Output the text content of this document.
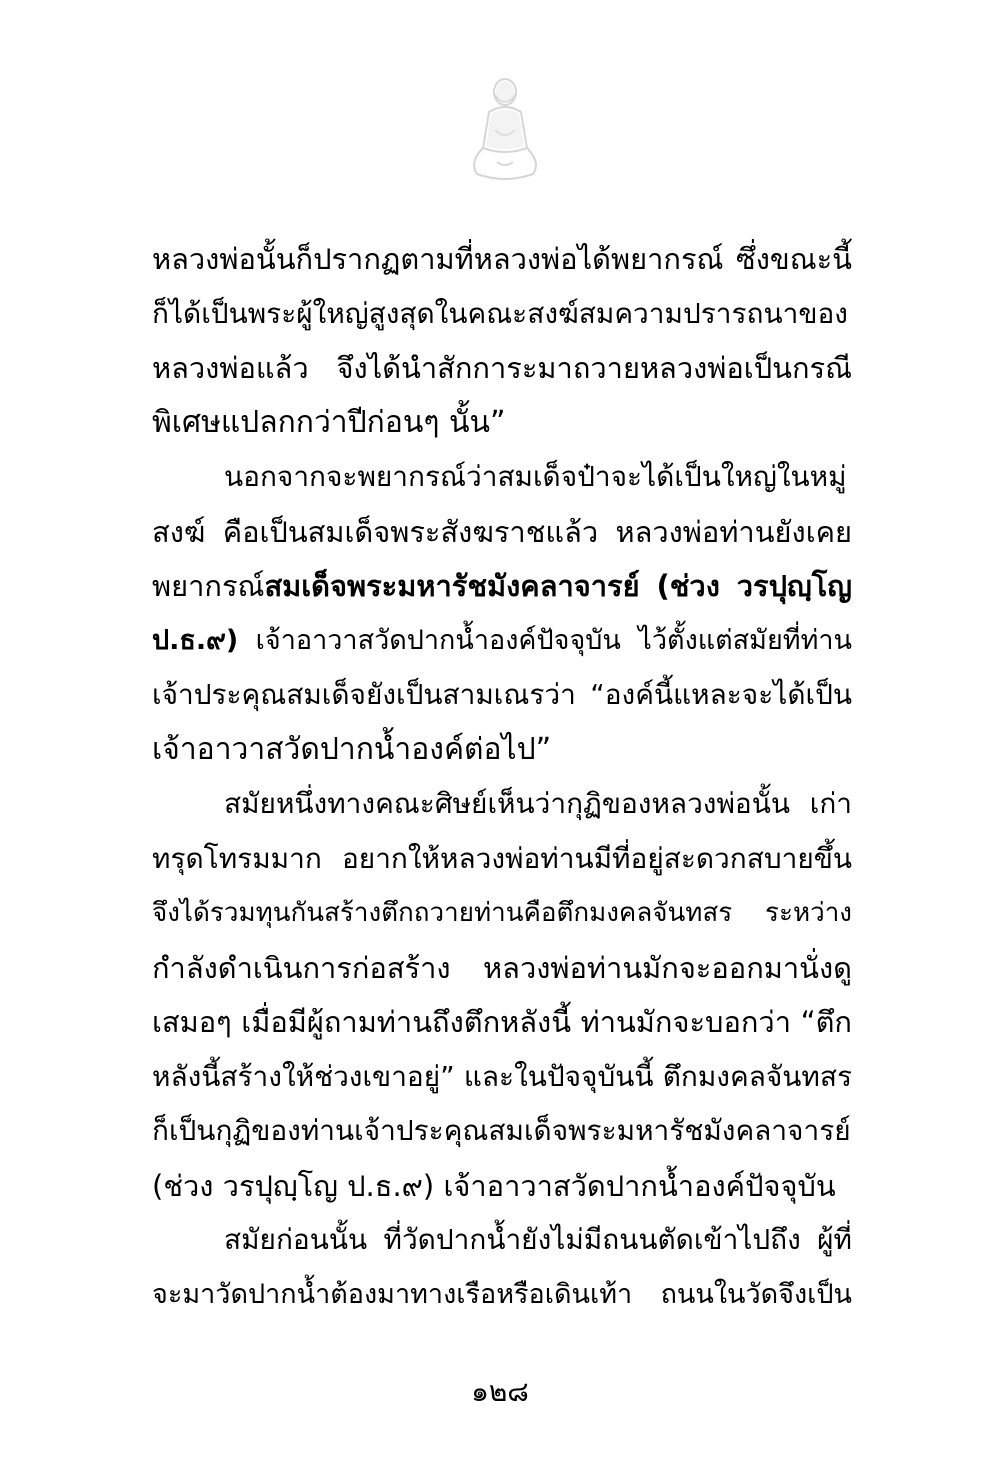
หลวงพ่อนั้นก็ปรากฏตามที่หลวงพ่อได้พยากรณ์ ซึ่งขณะนี้
ก็ได้เป็นพระผู้ใหญ่สูงสุดในคณะสงฆ์สมความปรารถนาของ
หลวงพ่อแล้ว จึงได้นำสักการะมาถวายหลวงพ่อเป็นกรณี
พิเศษแปลกกว่าปีก่อนๆ นั้น”
นอกจากจะพยากรณ์ว่าสมเด็จป๋าจะได้เป็นใหญ่ในหมู่
สงฆ์ คือเป็นสมเด็จพระสังฆราชแล้ว หลวงพ่อท่านยังเคย
พยากรณ์สมเด็จพระมหารัชมังคลาจารย์ (ช่วง วรปุญฺโญ
ป.ธ.๙) เจ้าอาวาสวัดปากน้ำองค์ปัจจุบัน ไว้ตั้งแต่สมัยที่ท่าน
เจ้าประคุณสมเด็จยังเป็นสามเณรว่า “องค์นี้แหละจะได้เป็น
เจ้าอาวาสวัดปากน้ำองค์ต่อไป”
สมัยหนึ่งทางคณะศิษย์เห็นว่ากุฏิของหลวงพ่อนั้น เก่า
ทรุดโทรมมาก อยากให้หลวงพ่อท่านมีที่อยู่สะดวกสบายขึ้น
จึงได้รวมทุนกันสร้างตึกถวายท่านคือตึกมงคลจันทสร ระหว่าง
กำลังดำเนินการก่อสร้าง หลวงพ่อท่านมักจะออกมานั่งดู
เสมอๆ เมื่อมีผู้ถามท่านถึงตึกหลังนี้ ท่านมักจะบอกว่า “ตึก
หลังนี้สร้างให้ช่วงเขาอยู่” และในปัจจุบันนี้ ตึกมงคลจันทสร
ก็เป็นกุฏิของท่านเจ้าประคุณสมเด็จพระมหารัชมังคลาจารย์
(ช่วง วรปุญฺโญ ป.ธ.๙) เจ้าอาวาสวัดปากน้ำองค์ปัจจุบัน
สมัยก่อนนั้น ที่วัดปากน้ำยังไม่มีถนนตัดเข้าไปถึง ผู้ที่
จะมาวัดปากน้ำต้องมาทางเรือหรือเดินเท้า ถนนในวัดจึงเป็น
๑๒๘
